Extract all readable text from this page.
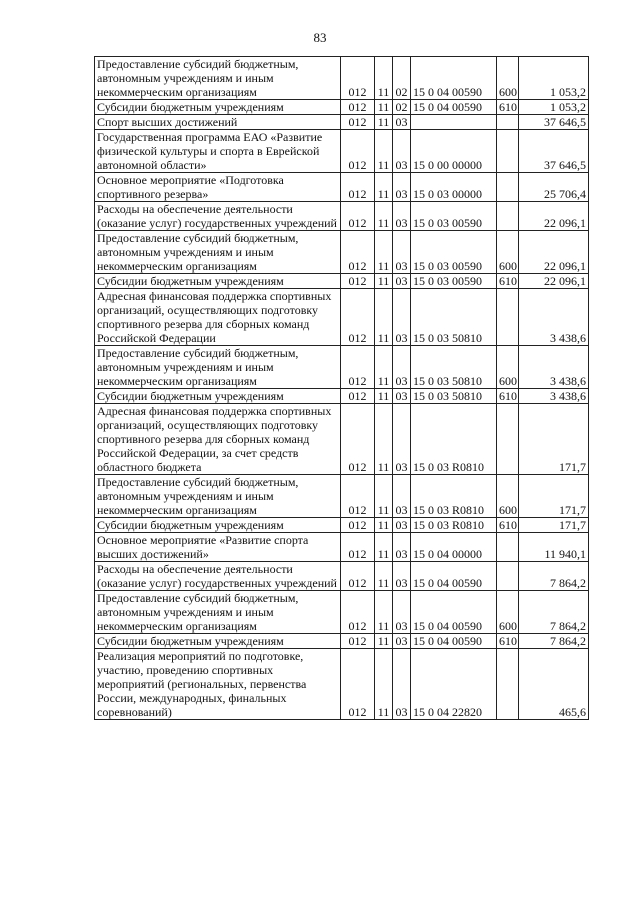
83
Предоставление субсидий бюджетным, автономным учреждениям и иным некоммерческим организациям	012	11	02	15 0 04 00590	600	1 053,2
Субсидии бюджетным учреждениям	012	11	02	15 0 04 00590	610	1 053,2
Спорт высших достижений	012	11	03			37 646,5
Государственная программа ЕАО «Развитие физической культуры и спорта в Еврейской автономной области»	012	11	03	15 0 00 00000		37 646,5
Основное мероприятие «Подготовка спортивного резерва»	012	11	03	15 0 03 00000		25 706,4
Расходы на обеспечение деятельности (оказание услуг) государственных учреждений	012	11	03	15 0 03 00590		22 096,1
Предоставление субсидий бюджетным, автономным учреждениям и иным некоммерческим организациям	012	11	03	15 0 03 00590	600	22 096,1
Субсидии бюджетным учреждениям	012	11	03	15 0 03 00590	610	22 096,1
Адресная финансовая поддержка спортивных организаций, осуществляющих подготовку спортивного резерва для сборных команд Российской Федерации	012	11	03	15 0 03 50810		3 438,6
Предоставление субсидий бюджетным, автономным учреждениям и иным некоммерческим организациям	012	11	03	15 0 03 50810	600	3 438,6
Субсидии бюджетным учреждениям	012	11	03	15 0 03 50810	610	3 438,6
Адресная финансовая поддержка спортивных организаций, осуществляющих подготовку спортивного резерва для сборных команд Российской Федерации, за счет средств областного бюджета	012	11	03	15 0 03 R0810		171,7
Предоставление субсидий бюджетным, автономным учреждениям и иным некоммерческим организациям	012	11	03	15 0 03 R0810	600	171,7
Субсидии бюджетным учреждениям	012	11	03	15 0 03 R0810	610	171,7
Основное мероприятие «Развитие спорта высших достижений»	012	11	03	15 0 04 00000		11 940,1
Расходы на обеспечение деятельности (оказание услуг) государственных учреждений	012	11	03	15 0 04 00590		7 864,2
Предоставление субсидий бюджетным, автономным учреждениям и иным некоммерческим организациям	012	11	03	15 0 04 00590	600	7 864,2
Субсидии бюджетным учреждениям	012	11	03	15 0 04 00590	610	7 864,2
Реализация мероприятий по подготовке, участию, проведению спортивных мероприятий (региональных, первенства России, международных, финальных соревнований)	012	11	03	15 0 04 22820		465,6
